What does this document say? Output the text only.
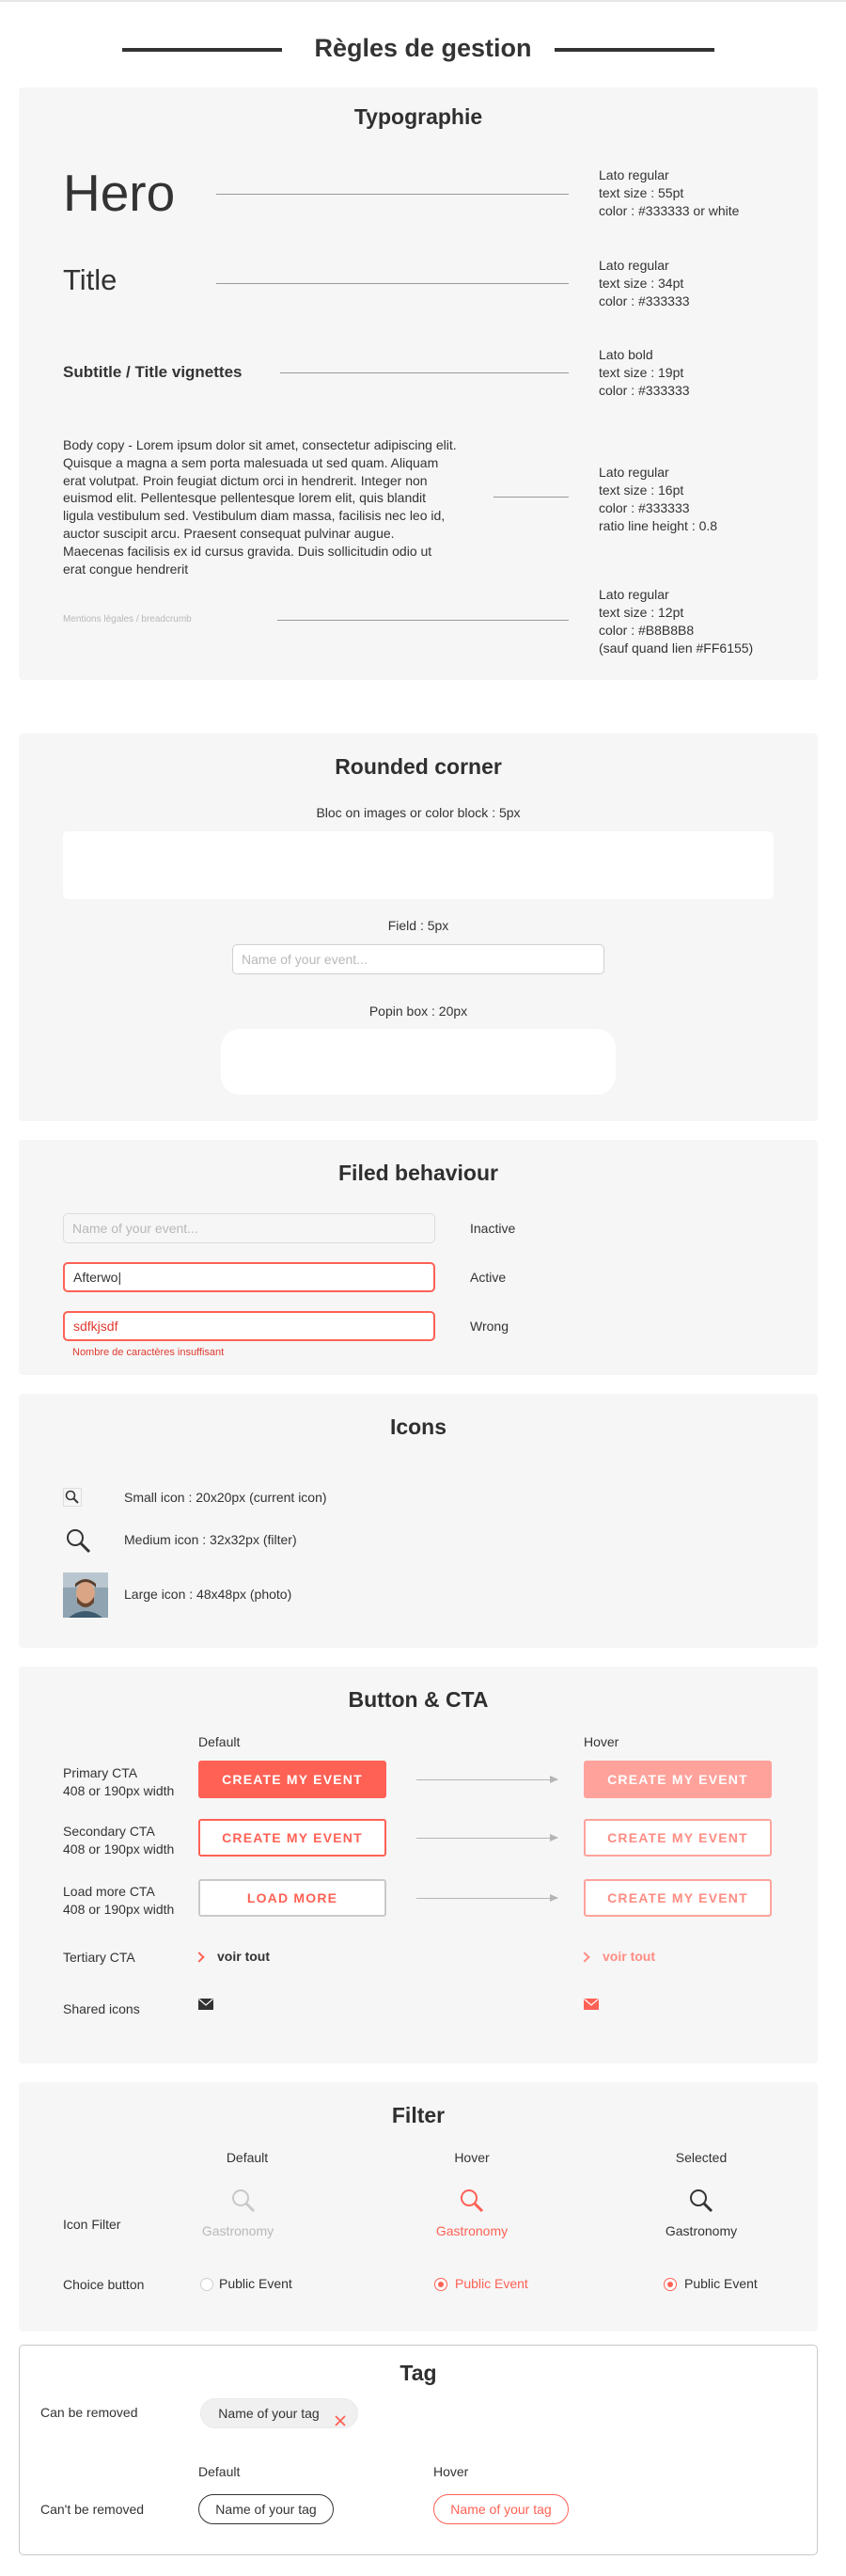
Règles de gestion
Typographie
Hero	Lato regular
text size : 55pt
color : #333333 or white
Title	Lato regular
text size : 34pt
color : #333333
Subtitle / Title vignettes
Lato bold
text size : 19pt
color : #333333
Body copy - Lorem ipsum dolor sit amet, consectetur adipiscing elit. Quisque a magna a sem porta malesuada ut sed quam. Aliquam erat volutpat. Proin feugiat dictum orci in hendrerit. Integer non euismod elit. Pellentesque pellentesque lorem elit, quis blandit ligula vestibulum sed. Vestibulum diam massa, facilisis nec leo id, auctor suscipit arcu. Praesent consequat pulvinar augue. Maecenas facilisis ex id cursus gravida. Duis sollicitudin odio ut erat congue hendrerit
Lato regular
text size : 16pt
color : #333333
ratio line height : 0.8
Mentions légales / breadcrumb
Lato regular
text size : 12pt
color : #B8B8B8
(sauf quand lien #FF6155)
Rounded corner
Bloc on images or color block : 5px
Field : 5px
Name of your event...
Popin box : 20px
Filed behaviour
Name of your event...	Inactive
Afterwo|	Active
sdfkjsdf	Wrong
Nombre de caractères insuffisant
Icons
Small icon : 20x20px (current icon)
Medium icon : 32x32px (filter)
Large icon : 48x48px (photo)
Button & CTA
Default	Hover
Primary CTA
408 or 190px width
CREATE MY EVENT	CREATE MY EVENT
Secondary CTA
408 or 190px width
CREATE MY EVENT	CREATE MY EVENT
Load more CTA
408 or 190px width
LOAD MORE	CREATE MY EVENT
Tertiary CTA	voir tout	voir tout
Shared icons
Filter
Default	Hover	Selected
Icon Filter	Gastronomy	Gastronomy	Gastronomy
Choice button	Public Event	Public Event	Public Event
Tag
Can be removed	Name of your tag
Default	Hover
Can't be removed	Name of your tag	Name of your tag
